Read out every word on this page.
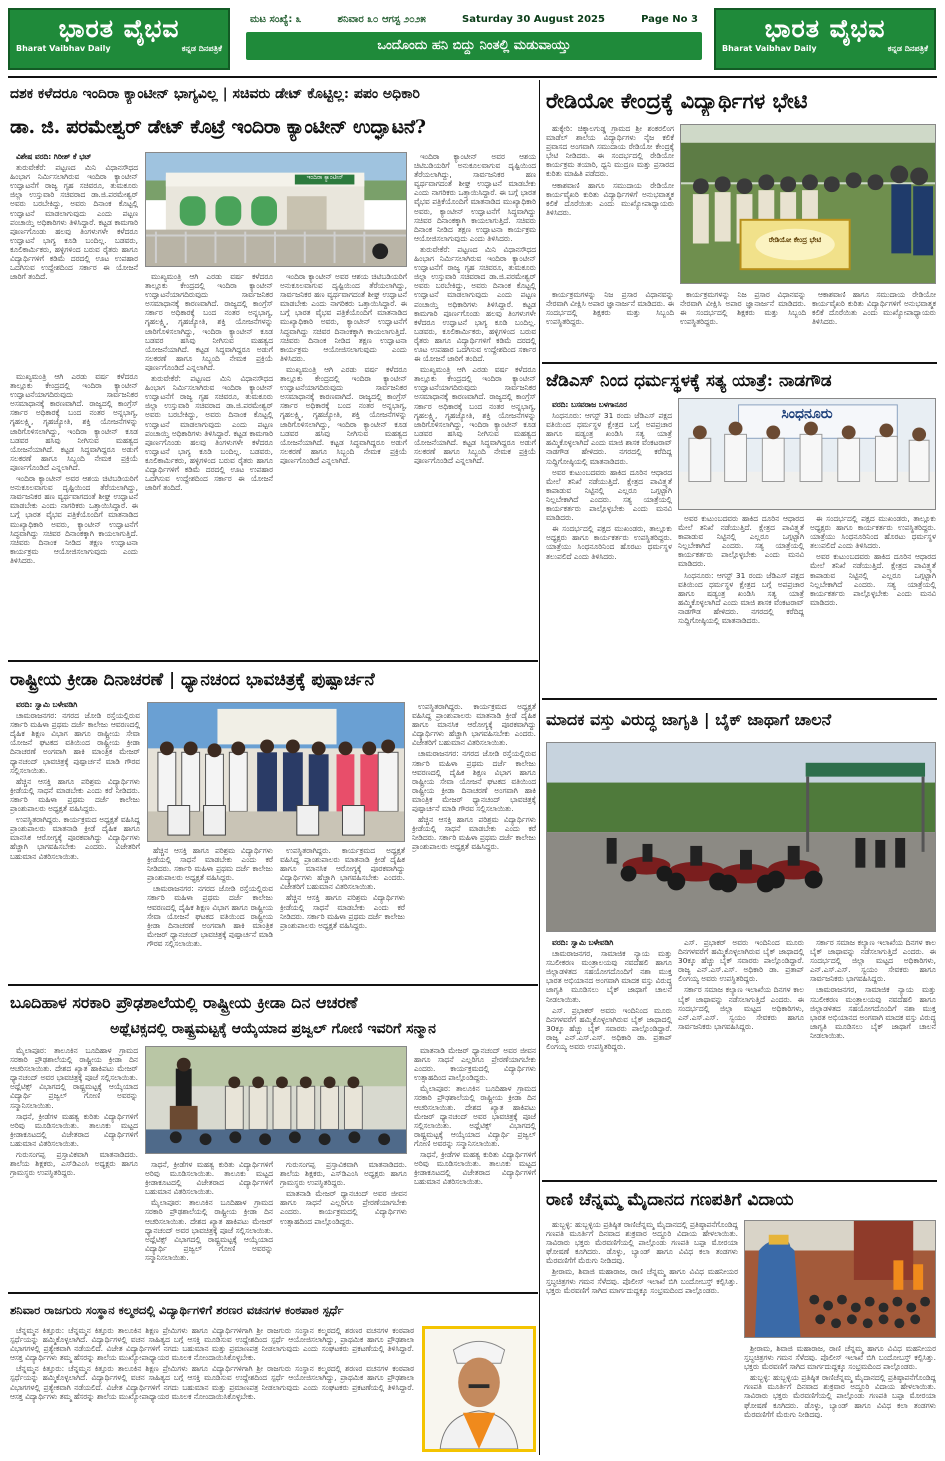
ಭಾರತ ವೈಭವ
Bharat Vaibhav Daily	ಕನ್ನಡ ದಿನಪತ್ರಿಕೆ
ಮಟ ಸಂಖ್ಯೆ: ೩	ಶನಿವಾರ ೩೦ ಆಗಸ್ಟ ೨೦೨೫	Saturday 30 August 2025	Page No 3
ಒಂದೊಂದು ಹನಿ ಬಿದ್ದು ನಿಂತಲ್ಲಿ ಮಡುವಾಯ್ತು
ಭಾರತ ವೈಭವ
Bharat Vaibhav Daily	ಕನ್ನಡ ದಿನಪತ್ರಿಕೆ
ದಶಕ ಕಳೆದರೂ ಇಂದಿರಾ ಕ್ಯಾಂಟೀನ್ ಭಾಗ್ಯವಿಲ್ಲ | ಸಚಿವರು ಡೇಟ್ ಕೊಟ್ಟಿಲ್ಲ: ಪಪಂ ಅಧಿಕಾರಿ
ಡಾ. ಜಿ. ಪರಮೇಶ್ವರ್ ಡೇಟ್ ಕೊಟ್ರೆ ಇಂದಿರಾ ಕ್ಯಾಂಟೀನ್ ಉದ್ಘಾಟನೆ?

ವಿಶೇಷ ವರದಿ: ಗಿರೀಶ್ ಕೆ ಭಟ್

ತುರುವೇಕೆರೆ: ಪಟ್ಟಣದ ಮಿನಿ ವಿಧಾನಸೌಧದ ಹಿಂಭಾಗ ನಿರ್ಮಿಸಲಾಗಿರುವ ಇಂದಿರಾ ಕ್ಯಾಂಟೀನ್ ಉದ್ಘಾಟನೆಗೆ ರಾಜ್ಯ ಗೃಹ ಸಚಿವರೂ, ತುಮಕೂರು ಜಿಲ್ಲಾ ಉಸ್ತುವಾರಿ ಸಚಿವರಾದ ಡಾ.ಜಿ.ಪರಮೇಶ್ವರ್ ಅವರು ಬರಬೇಕಿದ್ದು, ಅವರು ದಿನಾಂಕ ಕೊಟ್ಟಲ್ಲಿ ಉದ್ಘಾಟನೆ ಮಾಡಲಾಗುವುದು ಎಂದು ಪಟ್ಟಣ ಪಂಚಾಯ್ತಿ ಅಧಿಕಾರಿಗಳು ತಿಳಿಸಿದ್ದಾರೆ. ಕಟ್ಟಡ ಕಾಮಗಾರಿ ಪೂರ್ಣಗೊಂಡು ಹಲವು ತಿಂಗಳುಗಳೇ ಕಳೆದರೂ ಉದ್ಘಾಟನೆ ಭಾಗ್ಯ ಕೂಡಿ ಬಂದಿಲ್ಲ. ಬಡವರು, ಕೂಲಿಕಾರ್ಮಿಕರು, ಹಳ್ಳಿಗಳಿಂದ ಬರುವ ರೈತರು ಹಾಗೂ ವಿದ್ಯಾರ್ಥಿಗಳಿಗೆ ಕಡಿಮೆ ದರದಲ್ಲಿ ಊಟ ಉಪಹಾರ ಒದಗಿಸುವ ಉದ್ದೇಶದಿಂದ ಸರ್ಕಾರ ಈ ಯೋಜನೆ ಜಾರಿಗೆ ತಂದಿದೆ.

ಇಂದಿರಾ ಕ್ಯಾಂಟೀನ್

ಮುಖ್ಯಮಂತ್ರಿ ಆಗಿ ಎರಡು ವರ್ಷ ಕಳೆದರೂ ತಾಲ್ಲೂಕು ಕೇಂದ್ರದಲ್ಲಿ ಇಂದಿರಾ ಕ್ಯಾಂಟೀನ್ ಉದ್ಘಾಟನೆಯಾಗದಿರುವುದು ಸಾರ್ವಜನಿಕರ ಅಸಮಾಧಾನಕ್ಕೆ ಕಾರಣವಾಗಿದೆ. ರಾಜ್ಯದಲ್ಲಿ ಕಾಂಗ್ರೆಸ್ ಸರ್ಕಾರ ಅಧಿಕಾರಕ್ಕೆ ಬಂದ ನಂತರ ಅನ್ನಭಾಗ್ಯ, ಗೃಹಲಕ್ಷ್ಮಿ, ಗೃಹಜ್ಯೋತಿ, ಶಕ್ತಿ ಯೋಜನೆಗಳನ್ನು ಜಾರಿಗೊಳಿಸಲಾಗಿದ್ದು, ಇಂದಿರಾ ಕ್ಯಾಂಟೀನ್ ಕೂಡ ಬಡವರ ಹಸಿವು ನೀಗಿಸುವ ಮಹತ್ವದ ಯೋಜನೆಯಾಗಿದೆ. ಕಟ್ಟಡ ಸಿದ್ಧವಾಗಿದ್ದರೂ ಅಡುಗೆ ಸಲಕರಣೆ ಹಾಗೂ ಸಿಬ್ಬಂದಿ ನೇಮಕ ಪ್ರಕ್ರಿಯೆ ಪೂರ್ಣಗೊಂಡಿದೆ ಎನ್ನಲಾಗಿದೆ.

ತುರುವೇಕೆರೆ: ಪಟ್ಟಣದ ಮಿನಿ ವಿಧಾನಸೌಧದ ಹಿಂಭಾಗ ನಿರ್ಮಿಸಲಾಗಿರುವ ಇಂದಿರಾ ಕ್ಯಾಂಟೀನ್ ಉದ್ಘಾಟನೆಗೆ ರಾಜ್ಯ ಗೃಹ ಸಚಿವರೂ, ತುಮಕೂರು ಜಿಲ್ಲಾ ಉಸ್ತುವಾರಿ ಸಚಿವರಾದ ಡಾ.ಜಿ.ಪರಮೇಶ್ವರ್ ಅವರು ಬರಬೇಕಿದ್ದು, ಅವರು ದಿನಾಂಕ ಕೊಟ್ಟಲ್ಲಿ ಉದ್ಘಾಟನೆ ಮಾಡಲಾಗುವುದು ಎಂದು ಪಟ್ಟಣ ಪಂಚಾಯ್ತಿ ಅಧಿಕಾರಿಗಳು ತಿಳಿಸಿದ್ದಾರೆ. ಕಟ್ಟಡ ಕಾಮಗಾರಿ ಪೂರ್ಣಗೊಂಡು ಹಲವು ತಿಂಗಳುಗಳೇ ಕಳೆದರೂ ಉದ್ಘಾಟನೆ ಭಾಗ್ಯ ಕೂಡಿ ಬಂದಿಲ್ಲ. ಬಡವರು, ಕೂಲಿಕಾರ್ಮಿಕರು, ಹಳ್ಳಿಗಳಿಂದ ಬರುವ ರೈತರು ಹಾಗೂ ವಿದ್ಯಾರ್ಥಿಗಳಿಗೆ ಕಡಿಮೆ ದರದಲ್ಲಿ ಊಟ ಉಪಹಾರ ಒದಗಿಸುವ ಉದ್ದೇಶದಿಂದ ಸರ್ಕಾರ ಈ ಯೋಜನೆ ಜಾರಿಗೆ ತಂದಿದೆ.

ಇಂದಿರಾ ಕ್ಯಾಂಟೀನ್ ಅವರ ಆಶಯ ಚಿಟಿಬಡಿಯರಿಗೆ ಅನುಕೂಲವಾಗುವ ದೃಷ್ಟಿಯಿಂದ ತೆರೆಯಲಾಗಿದ್ದು, ಸಾರ್ವಜನಿಕರ ಹಣ ವ್ಯರ್ಥವಾಗದಂತೆ ಶೀಘ್ರ ಉದ್ಘಾಟನೆ ಮಾಡಬೇಕು ಎಂದು ನಾಗರಿಕರು ಒತ್ತಾಯಿಸಿದ್ದಾರೆ. ಈ ಬಗ್ಗೆ ಭಾರತ ವೈಭವ ಪತ್ರಿಕೆಯೊಂದಿಗೆ ಮಾತನಾಡಿದ ಮುಖ್ಯಾಧಿಕಾರಿ ಅವರು, ಕ್ಯಾಂಟೀನ್ ಉದ್ಘಾಟನೆಗೆ ಸಿದ್ಧವಾಗಿದ್ದು ಸಚಿವರ ದಿನಾಂಕಕ್ಕಾಗಿ ಕಾಯಲಾಗುತ್ತಿದೆ. ಸಚಿವರು ದಿನಾಂಕ ನೀಡಿದ ತಕ್ಷಣ ಉದ್ಘಾಟನಾ ಕಾರ್ಯಕ್ರಮ ಆಯೋಜಿಸಲಾಗುವುದು ಎಂದು ತಿಳಿಸಿದರು.

ಮುಖ್ಯಮಂತ್ರಿ ಆಗಿ ಎರಡು ವರ್ಷ ಕಳೆದರೂ ತಾಲ್ಲೂಕು ಕೇಂದ್ರದಲ್ಲಿ ಇಂದಿರಾ ಕ್ಯಾಂಟೀನ್ ಉದ್ಘಾಟನೆಯಾಗದಿರುವುದು ಸಾರ್ವಜನಿಕರ ಅಸಮಾಧಾನಕ್ಕೆ ಕಾರಣವಾಗಿದೆ. ರಾಜ್ಯದಲ್ಲಿ ಕಾಂಗ್ರೆಸ್ ಸರ್ಕಾರ ಅಧಿಕಾರಕ್ಕೆ ಬಂದ ನಂತರ ಅನ್ನಭಾಗ್ಯ, ಗೃಹಲಕ್ಷ್ಮಿ, ಗೃಹಜ್ಯೋತಿ, ಶಕ್ತಿ ಯೋಜನೆಗಳನ್ನು ಜಾರಿಗೊಳಿಸಲಾಗಿದ್ದು, ಇಂದಿರಾ ಕ್ಯಾಂಟೀನ್ ಕೂಡ ಬಡವರ ಹಸಿವು ನೀಗಿಸುವ ಮಹತ್ವದ ಯೋಜನೆಯಾಗಿದೆ. ಕಟ್ಟಡ ಸಿದ್ಧವಾಗಿದ್ದರೂ ಅಡುಗೆ ಸಲಕರಣೆ ಹಾಗೂ ಸಿಬ್ಬಂದಿ ನೇಮಕ ಪ್ರಕ್ರಿಯೆ ಪೂರ್ಣಗೊಂಡಿದೆ ಎನ್ನಲಾಗಿದೆ.

ಇಂದಿರಾ ಕ್ಯಾಂಟೀನ್ ಅವರ ಆಶಯ ಚಿಟಿಬಡಿಯರಿಗೆ ಅನುಕೂಲವಾಗುವ ದೃಷ್ಟಿಯಿಂದ ತೆರೆಯಲಾಗಿದ್ದು, ಸಾರ್ವಜನಿಕರ ಹಣ ವ್ಯರ್ಥವಾಗದಂತೆ ಶೀಘ್ರ ಉದ್ಘಾಟನೆ ಮಾಡಬೇಕು ಎಂದು ನಾಗರಿಕರು ಒತ್ತಾಯಿಸಿದ್ದಾರೆ. ಈ ಬಗ್ಗೆ ಭಾರತ ವೈಭವ ಪತ್ರಿಕೆಯೊಂದಿಗೆ ಮಾತನಾಡಿದ ಮುಖ್ಯಾಧಿಕಾರಿ ಅವರು, ಕ್ಯಾಂಟೀನ್ ಉದ್ಘಾಟನೆಗೆ ಸಿದ್ಧವಾಗಿದ್ದು ಸಚಿವರ ದಿನಾಂಕಕ್ಕಾಗಿ ಕಾಯಲಾಗುತ್ತಿದೆ. ಸಚಿವರು ದಿನಾಂಕ ನೀಡಿದ ತಕ್ಷಣ ಉದ್ಘಾಟನಾ ಕಾರ್ಯಕ್ರಮ ಆಯೋಜಿಸಲಾಗುವುದು ಎಂದು ತಿಳಿಸಿದರು.

ತುರುವೇಕೆರೆ: ಪಟ್ಟಣದ ಮಿನಿ ವಿಧಾನಸೌಧದ ಹಿಂಭಾಗ ನಿರ್ಮಿಸಲಾಗಿರುವ ಇಂದಿರಾ ಕ್ಯಾಂಟೀನ್ ಉದ್ಘಾಟನೆಗೆ ರಾಜ್ಯ ಗೃಹ ಸಚಿವರೂ, ತುಮಕೂರು ಜಿಲ್ಲಾ ಉಸ್ತುವಾರಿ ಸಚಿವರಾದ ಡಾ.ಜಿ.ಪರಮೇಶ್ವರ್ ಅವರು ಬರಬೇಕಿದ್ದು, ಅವರು ದಿನಾಂಕ ಕೊಟ್ಟಲ್ಲಿ ಉದ್ಘಾಟನೆ ಮಾಡಲಾಗುವುದು ಎಂದು ಪಟ್ಟಣ ಪಂಚಾಯ್ತಿ ಅಧಿಕಾರಿಗಳು ತಿಳಿಸಿದ್ದಾರೆ. ಕಟ್ಟಡ ಕಾಮಗಾರಿ ಪೂರ್ಣಗೊಂಡು ಹಲವು ತಿಂಗಳುಗಳೇ ಕಳೆದರೂ ಉದ್ಘಾಟನೆ ಭಾಗ್ಯ ಕೂಡಿ ಬಂದಿಲ್ಲ. ಬಡವರು, ಕೂಲಿಕಾರ್ಮಿಕರು, ಹಳ್ಳಿಗಳಿಂದ ಬರುವ ರೈತರು ಹಾಗೂ ವಿದ್ಯಾರ್ಥಿಗಳಿಗೆ ಕಡಿಮೆ ದರದಲ್ಲಿ ಊಟ ಉಪಹಾರ ಒದಗಿಸುವ ಉದ್ದೇಶದಿಂದ ಸರ್ಕಾರ ಈ ಯೋಜನೆ ಜಾರಿಗೆ ತಂದಿದೆ.

ಮುಖ್ಯಮಂತ್ರಿ ಆಗಿ ಎರಡು ವರ್ಷ ಕಳೆದರೂ ತಾಲ್ಲೂಕು ಕೇಂದ್ರದಲ್ಲಿ ಇಂದಿರಾ ಕ್ಯಾಂಟೀನ್ ಉದ್ಘಾಟನೆಯಾಗದಿರುವುದು ಸಾರ್ವಜನಿಕರ ಅಸಮಾಧಾನಕ್ಕೆ ಕಾರಣವಾಗಿದೆ. ರಾಜ್ಯದಲ್ಲಿ ಕಾಂಗ್ರೆಸ್ ಸರ್ಕಾರ ಅಧಿಕಾರಕ್ಕೆ ಬಂದ ನಂತರ ಅನ್ನಭಾಗ್ಯ, ಗೃಹಲಕ್ಷ್ಮಿ, ಗೃಹಜ್ಯೋತಿ, ಶಕ್ತಿ ಯೋಜನೆಗಳನ್ನು ಜಾರಿಗೊಳಿಸಲಾಗಿದ್ದು, ಇಂದಿರಾ ಕ್ಯಾಂಟೀನ್ ಕೂಡ ಬಡವರ ಹಸಿವು ನೀಗಿಸುವ ಮಹತ್ವದ ಯೋಜನೆಯಾಗಿದೆ. ಕಟ್ಟಡ ಸಿದ್ಧವಾಗಿದ್ದರೂ ಅಡುಗೆ ಸಲಕರಣೆ ಹಾಗೂ ಸಿಬ್ಬಂದಿ ನೇಮಕ ಪ್ರಕ್ರಿಯೆ ಪೂರ್ಣಗೊಂಡಿದೆ ಎನ್ನಲಾಗಿದೆ.

ಮುಖ್ಯಮಂತ್ರಿ ಆಗಿ ಎರಡು ವರ್ಷ ಕಳೆದರೂ ತಾಲ್ಲೂಕು ಕೇಂದ್ರದಲ್ಲಿ ಇಂದಿರಾ ಕ್ಯಾಂಟೀನ್ ಉದ್ಘಾಟನೆಯಾಗದಿರುವುದು ಸಾರ್ವಜನಿಕರ ಅಸಮಾಧಾನಕ್ಕೆ ಕಾರಣವಾಗಿದೆ. ರಾಜ್ಯದಲ್ಲಿ ಕಾಂಗ್ರೆಸ್ ಸರ್ಕಾರ ಅಧಿಕಾರಕ್ಕೆ ಬಂದ ನಂತರ ಅನ್ನಭಾಗ್ಯ, ಗೃಹಲಕ್ಷ್ಮಿ, ಗೃಹಜ್ಯೋತಿ, ಶಕ್ತಿ ಯೋಜನೆಗಳನ್ನು ಜಾರಿಗೊಳಿಸಲಾಗಿದ್ದು, ಇಂದಿರಾ ಕ್ಯಾಂಟೀನ್ ಕೂಡ ಬಡವರ ಹಸಿವು ನೀಗಿಸುವ ಮಹತ್ವದ ಯೋಜನೆಯಾಗಿದೆ. ಕಟ್ಟಡ ಸಿದ್ಧವಾಗಿದ್ದರೂ ಅಡುಗೆ ಸಲಕರಣೆ ಹಾಗೂ ಸಿಬ್ಬಂದಿ ನೇಮಕ ಪ್ರಕ್ರಿಯೆ ಪೂರ್ಣಗೊಂಡಿದೆ ಎನ್ನಲಾಗಿದೆ.

ಇಂದಿರಾ ಕ್ಯಾಂಟೀನ್ ಅವರ ಆಶಯ ಚಿಟಿಬಡಿಯರಿಗೆ ಅನುಕೂಲವಾಗುವ ದೃಷ್ಟಿಯಿಂದ ತೆರೆಯಲಾಗಿದ್ದು, ಸಾರ್ವಜನಿಕರ ಹಣ ವ್ಯರ್ಥವಾಗದಂತೆ ಶೀಘ್ರ ಉದ್ಘಾಟನೆ ಮಾಡಬೇಕು ಎಂದು ನಾಗರಿಕರು ಒತ್ತಾಯಿಸಿದ್ದಾರೆ. ಈ ಬಗ್ಗೆ ಭಾರತ ವೈಭವ ಪತ್ರಿಕೆಯೊಂದಿಗೆ ಮಾತನಾಡಿದ ಮುಖ್ಯಾಧಿಕಾರಿ ಅವರು, ಕ್ಯಾಂಟೀನ್ ಉದ್ಘಾಟನೆಗೆ ಸಿದ್ಧವಾಗಿದ್ದು ಸಚಿವರ ದಿನಾಂಕಕ್ಕಾಗಿ ಕಾಯಲಾಗುತ್ತಿದೆ. ಸಚಿವರು ದಿನಾಂಕ ನೀಡಿದ ತಕ್ಷಣ ಉದ್ಘಾಟನಾ ಕಾರ್ಯಕ್ರಮ ಆಯೋಜಿಸಲಾಗುವುದು ಎಂದು ತಿಳಿಸಿದರು.

ರೇಡಿಯೋ ಕೇಂದ್ರಕ್ಕೆ ವಿದ್ಯಾರ್ಥಿಗಳ ಭೇಟಿ

ಹುಕ್ಕೇರಿ: ಚಿಕ್ಕಾಲಗುಡ್ಡ ಗ್ರಾಮದ ಶ್ರೀ ಶಂಕರಲಿಂಗ ಮಾಡೆಲ್ ಶಾಲೆಯ ವಿದ್ಯಾರ್ಥಿಗಳು ನೈಜ ಕಲಿಕೆ ಪ್ರವಾಸದ ಅಂಗವಾಗಿ ಸಮುದಾಯ ರೇಡಿಯೋ ಕೇಂದ್ರಕ್ಕೆ ಭೇಟಿ ನೀಡಿದರು. ಈ ಸಂದರ್ಭದಲ್ಲಿ ರೇಡಿಯೋ ಕಾರ್ಯಕ್ರಮ ತಯಾರಿ, ಧ್ವನಿ ಮುದ್ರಣ ಮತ್ತು ಪ್ರಸಾರದ ಕುರಿತು ಮಾಹಿತಿ ಪಡೆದರು.

ಆಕಾಶವಾಣಿ ಹಾಗೂ ಸಮುದಾಯ ರೇಡಿಯೋ ಕಾರ್ಯವೈಖರಿ ಕುರಿತು ವಿದ್ಯಾರ್ಥಿಗಳಿಗೆ ಅನುಭವಾತ್ಮಕ ಕಲಿಕೆ ದೊರೆಯಿತು ಎಂದು ಮುಖ್ಯೋಪಾಧ್ಯಾಯರು ತಿಳಿಸಿದರು.

ರೇಡಿಯೋ ಕೇಂದ್ರ ಭೇಟಿ

ಕಾರ್ಯಕ್ರಮಗಳನ್ನು ನಿಜ ಪ್ರಸಾರ ವಿಧಾನವನ್ನು ನೇರವಾಗಿ ವೀಕ್ಷಿಸಿ ಅಪಾರ ಜ್ಞಾನಾರ್ಜನೆ ಮಾಡಿದರು. ಈ ಸಂದರ್ಭದಲ್ಲಿ ಶಿಕ್ಷಕರು ಮತ್ತು ಸಿಬ್ಬಂದಿ ಉಪಸ್ಥಿತರಿದ್ದರು.

ಆಕಾಶವಾಣಿ ಹಾಗೂ ಸಮುದಾಯ ರೇಡಿಯೋ ಕಾರ್ಯವೈಖರಿ ಕುರಿತು ವಿದ್ಯಾರ್ಥಿಗಳಿಗೆ ಅನುಭವಾತ್ಮಕ ಕಲಿಕೆ ದೊರೆಯಿತು ಎಂದು ಮುಖ್ಯೋಪಾಧ್ಯಾಯರು ತಿಳಿಸಿದರು.

ಕಾರ್ಯಕ್ರಮಗಳನ್ನು ನಿಜ ಪ್ರಸಾರ ವಿಧಾನವನ್ನು ನೇರವಾಗಿ ವೀಕ್ಷಿಸಿ ಅಪಾರ ಜ್ಞಾನಾರ್ಜನೆ ಮಾಡಿದರು. ಈ ಸಂದರ್ಭದಲ್ಲಿ ಶಿಕ್ಷಕರು ಮತ್ತು ಸಿಬ್ಬಂದಿ ಉಪಸ್ಥಿತರಿದ್ದರು.

ಜೆಡಿಎಸ್ ನಿಂದ ಧರ್ಮಸ್ಥಳಕ್ಕೆ ಸತ್ಯ ಯಾತ್ರೆ: ನಾಡಗೌಡ

ವರದಿ: ಬಸವರಾಜ ಬಳಗಾನೂರ

ಸಿಂಧನೂರು: ಆಗಸ್ಟ್ 31 ರಂದು ಜೆಡಿಎಸ್ ಪಕ್ಷದ ವತಿಯಿಂದ ಧರ್ಮಸ್ಥಳ ಕ್ಷೇತ್ರದ ಬಗ್ಗೆ ಅಪಪ್ರಚಾರ ಹಾಗೂ ಷಡ್ಯಂತ್ರ ಖಂಡಿಸಿ ಸತ್ಯ ಯಾತ್ರೆ ಹಮ್ಮಿಕೊಳ್ಳಲಾಗಿದೆ ಎಂದು ಮಾಜಿ ಶಾಸಕ ವೆಂಕಟರಾವ್ ನಾಡಗೌಡ ಹೇಳಿದರು. ನಗರದಲ್ಲಿ ಕರೆದಿದ್ದ ಸುದ್ದಿಗೋಷ್ಠಿಯಲ್ಲಿ ಮಾತನಾಡಿದರು.

ಅವರ ಕುಟುಂಬದವರು ಹಾಕಿದ ದೂರಿನ ಆಧಾರದ ಮೇಲೆ ತನಿಖೆ ನಡೆಯುತ್ತಿದೆ. ಕ್ಷೇತ್ರದ ಪಾವಿತ್ರ್ಯತೆ ಕಾಪಾಡುವ ನಿಟ್ಟಿನಲ್ಲಿ ಎಲ್ಲರೂ ಒಗ್ಗಟ್ಟಾಗಿ ನಿಲ್ಲಬೇಕಾಗಿದೆ ಎಂದರು. ಸತ್ಯ ಯಾತ್ರೆಯಲ್ಲಿ ಕಾರ್ಯಕರ್ತರು ಪಾಲ್ಗೊಳ್ಳಬೇಕು ಎಂದು ಮನವಿ ಮಾಡಿದರು.

ಈ ಸಂದರ್ಭದಲ್ಲಿ ಪಕ್ಷದ ಮುಖಂಡರು, ತಾಲ್ಲೂಕು ಅಧ್ಯಕ್ಷರು ಹಾಗೂ ಕಾರ್ಯಕರ್ತರು ಉಪಸ್ಥಿತರಿದ್ದರು. ಯಾತ್ರೆಯು ಸಿಂಧನೂರಿನಿಂದ ಹೊರಟು ಧರ್ಮಸ್ಥಳ ತಲುಪಲಿದೆ ಎಂದು ತಿಳಿಸಿದರು.

ಸಿಂಧನೂರು

ಅವರ ಕುಟುಂಬದವರು ಹಾಕಿದ ದೂರಿನ ಆಧಾರದ ಮೇಲೆ ತನಿಖೆ ನಡೆಯುತ್ತಿದೆ. ಕ್ಷೇತ್ರದ ಪಾವಿತ್ರ್ಯತೆ ಕಾಪಾಡುವ ನಿಟ್ಟಿನಲ್ಲಿ ಎಲ್ಲರೂ ಒಗ್ಗಟ್ಟಾಗಿ ನಿಲ್ಲಬೇಕಾಗಿದೆ ಎಂದರು. ಸತ್ಯ ಯಾತ್ರೆಯಲ್ಲಿ ಕಾರ್ಯಕರ್ತರು ಪಾಲ್ಗೊಳ್ಳಬೇಕು ಎಂದು ಮನವಿ ಮಾಡಿದರು.

ಸಿಂಧನೂರು: ಆಗಸ್ಟ್ 31 ರಂದು ಜೆಡಿಎಸ್ ಪಕ್ಷದ ವತಿಯಿಂದ ಧರ್ಮಸ್ಥಳ ಕ್ಷೇತ್ರದ ಬಗ್ಗೆ ಅಪಪ್ರಚಾರ ಹಾಗೂ ಷಡ್ಯಂತ್ರ ಖಂಡಿಸಿ ಸತ್ಯ ಯಾತ್ರೆ ಹಮ್ಮಿಕೊಳ್ಳಲಾಗಿದೆ ಎಂದು ಮಾಜಿ ಶಾಸಕ ವೆಂಕಟರಾವ್ ನಾಡಗೌಡ ಹೇಳಿದರು. ನಗರದಲ್ಲಿ ಕರೆದಿದ್ದ ಸುದ್ದಿಗೋಷ್ಠಿಯಲ್ಲಿ ಮಾತನಾಡಿದರು.

ಈ ಸಂದರ್ಭದಲ್ಲಿ ಪಕ್ಷದ ಮುಖಂಡರು, ತಾಲ್ಲೂಕು ಅಧ್ಯಕ್ಷರು ಹಾಗೂ ಕಾರ್ಯಕರ್ತರು ಉಪಸ್ಥಿತರಿದ್ದರು. ಯಾತ್ರೆಯು ಸಿಂಧನೂರಿನಿಂದ ಹೊರಟು ಧರ್ಮಸ್ಥಳ ತಲುಪಲಿದೆ ಎಂದು ತಿಳಿಸಿದರು.

ಅವರ ಕುಟುಂಬದವರು ಹಾಕಿದ ದೂರಿನ ಆಧಾರದ ಮೇಲೆ ತನಿಖೆ ನಡೆಯುತ್ತಿದೆ. ಕ್ಷೇತ್ರದ ಪಾವಿತ್ರ್ಯತೆ ಕಾಪಾಡುವ ನಿಟ್ಟಿನಲ್ಲಿ ಎಲ್ಲರೂ ಒಗ್ಗಟ್ಟಾಗಿ ನಿಲ್ಲಬೇಕಾಗಿದೆ ಎಂದರು. ಸತ್ಯ ಯಾತ್ರೆಯಲ್ಲಿ ಕಾರ್ಯಕರ್ತರು ಪಾಲ್ಗೊಳ್ಳಬೇಕು ಎಂದು ಮನವಿ ಮಾಡಿದರು.

ರಾಷ್ಟ್ರೀಯ ಕ್ರೀಡಾ ದಿನಾಚರಣೆ | ಧ್ಯಾನಚಂದ ಭಾವಚಿತ್ರಕ್ಕೆ ಪುಷ್ಪಾರ್ಚನೆ

ವರದಿ: ಸ್ವಾಮಿ ಬಳೇವಡಿಗಿ

ಚಾಮರಾಜನಗರ: ನಗರದ ಜೋಡಿ ರಸ್ತೆಯಲ್ಲಿರುವ ಸರ್ಕಾರಿ ಮಹಿಳಾ ಪ್ರಥಮ ದರ್ಜೆ ಕಾಲೇಜು ಆವರಣದಲ್ಲಿ ದೈಹಿಕ ಶಿಕ್ಷಣ ವಿಭಾಗ ಹಾಗೂ ರಾಷ್ಟ್ರೀಯ ಸೇವಾ ಯೋಜನೆ ಘಟಕದ ವತಿಯಿಂದ ರಾಷ್ಟ್ರೀಯ ಕ್ರೀಡಾ ದಿನಾಚರಣೆ ಅಂಗವಾಗಿ ಹಾಕಿ ಮಾಂತ್ರಿಕ ಮೇಜರ್ ಧ್ಯಾನಚಂದ್ ಭಾವಚಿತ್ರಕ್ಕೆ ಪುಷ್ಪಾರ್ಚನೆ ಮಾಡಿ ಗೌರವ ಸಲ್ಲಿಸಲಾಯಿತು.

ಹೆಚ್ಚಿನ ಆಸಕ್ತಿ ಹಾಗೂ ಪರಿಶ್ರಮ ವಿದ್ಯಾರ್ಥಿಗಳು ಕ್ರೀಡೆಯಲ್ಲಿ ಸಾಧನೆ ಮಾಡಬೇಕು ಎಂದು ಕರೆ ನೀಡಿದರು. ಸರ್ಕಾರಿ ಮಹಿಳಾ ಪ್ರಥಮ ದರ್ಜೆ ಕಾಲೇಜು ಪ್ರಾಂಶುಪಾಲರು ಅಧ್ಯಕ್ಷತೆ ವಹಿಸಿದ್ದರು.

ಉಪಸ್ಥಿತರಾಗಿದ್ದರು. ಕಾರ್ಯಕ್ರಮದ ಅಧ್ಯಕ್ಷತೆ ವಹಿಸಿದ್ದ ಪ್ರಾಂಶುಪಾಲರು ಮಾತನಾಡಿ ಕ್ರೀಡೆ ದೈಹಿಕ ಹಾಗೂ ಮಾನಸಿಕ ಆರೋಗ್ಯಕ್ಕೆ ಪೂರಕವಾಗಿದ್ದು ವಿದ್ಯಾರ್ಥಿಗಳು ಹೆಚ್ಚಾಗಿ ಭಾಗವಹಿಸಬೇಕು ಎಂದರು. ವಿಜೇತರಿಗೆ ಬಹುಮಾನ ವಿತರಿಸಲಾಯಿತು.

ಹೆಚ್ಚಿನ ಆಸಕ್ತಿ ಹಾಗೂ ಪರಿಶ್ರಮ ವಿದ್ಯಾರ್ಥಿಗಳು ಕ್ರೀಡೆಯಲ್ಲಿ ಸಾಧನೆ ಮಾಡಬೇಕು ಎಂದು ಕರೆ ನೀಡಿದರು. ಸರ್ಕಾರಿ ಮಹಿಳಾ ಪ್ರಥಮ ದರ್ಜೆ ಕಾಲೇಜು ಪ್ರಾಂಶುಪಾಲರು ಅಧ್ಯಕ್ಷತೆ ವಹಿಸಿದ್ದರು.

ಚಾಮರಾಜನಗರ: ನಗರದ ಜೋಡಿ ರಸ್ತೆಯಲ್ಲಿರುವ ಸರ್ಕಾರಿ ಮಹಿಳಾ ಪ್ರಥಮ ದರ್ಜೆ ಕಾಲೇಜು ಆವರಣದಲ್ಲಿ ದೈಹಿಕ ಶಿಕ್ಷಣ ವಿಭಾಗ ಹಾಗೂ ರಾಷ್ಟ್ರೀಯ ಸೇವಾ ಯೋಜನೆ ಘಟಕದ ವತಿಯಿಂದ ರಾಷ್ಟ್ರೀಯ ಕ್ರೀಡಾ ದಿನಾಚರಣೆ ಅಂಗವಾಗಿ ಹಾಕಿ ಮಾಂತ್ರಿಕ ಮೇಜರ್ ಧ್ಯಾನಚಂದ್ ಭಾವಚಿತ್ರಕ್ಕೆ ಪುಷ್ಪಾರ್ಚನೆ ಮಾಡಿ ಗೌರವ ಸಲ್ಲಿಸಲಾಯಿತು.

ಉಪಸ್ಥಿತರಾಗಿದ್ದರು. ಕಾರ್ಯಕ್ರಮದ ಅಧ್ಯಕ್ಷತೆ ವಹಿಸಿದ್ದ ಪ್ರಾಂಶುಪಾಲರು ಮಾತನಾಡಿ ಕ್ರೀಡೆ ದೈಹಿಕ ಹಾಗೂ ಮಾನಸಿಕ ಆರೋಗ್ಯಕ್ಕೆ ಪೂರಕವಾಗಿದ್ದು ವಿದ್ಯಾರ್ಥಿಗಳು ಹೆಚ್ಚಾಗಿ ಭಾಗವಹಿಸಬೇಕು ಎಂದರು. ವಿಜೇತರಿಗೆ ಬಹುಮಾನ ವಿತರಿಸಲಾಯಿತು.

ಹೆಚ್ಚಿನ ಆಸಕ್ತಿ ಹಾಗೂ ಪರಿಶ್ರಮ ವಿದ್ಯಾರ್ಥಿಗಳು ಕ್ರೀಡೆಯಲ್ಲಿ ಸಾಧನೆ ಮಾಡಬೇಕು ಎಂದು ಕರೆ ನೀಡಿದರು. ಸರ್ಕಾರಿ ಮಹಿಳಾ ಪ್ರಥಮ ದರ್ಜೆ ಕಾಲೇಜು ಪ್ರಾಂಶುಪಾಲರು ಅಧ್ಯಕ್ಷತೆ ವಹಿಸಿದ್ದರು.

ಉಪಸ್ಥಿತರಾಗಿದ್ದರು. ಕಾರ್ಯಕ್ರಮದ ಅಧ್ಯಕ್ಷತೆ ವಹಿಸಿದ್ದ ಪ್ರಾಂಶುಪಾಲರು ಮಾತನಾಡಿ ಕ್ರೀಡೆ ದೈಹಿಕ ಹಾಗೂ ಮಾನಸಿಕ ಆರೋಗ್ಯಕ್ಕೆ ಪೂರಕವಾಗಿದ್ದು ವಿದ್ಯಾರ್ಥಿಗಳು ಹೆಚ್ಚಾಗಿ ಭಾಗವಹಿಸಬೇಕು ಎಂದರು. ವಿಜೇತರಿಗೆ ಬಹುಮಾನ ವಿತರಿಸಲಾಯಿತು.

ಚಾಮರಾಜನಗರ: ನಗರದ ಜೋಡಿ ರಸ್ತೆಯಲ್ಲಿರುವ ಸರ್ಕಾರಿ ಮಹಿಳಾ ಪ್ರಥಮ ದರ್ಜೆ ಕಾಲೇಜು ಆವರಣದಲ್ಲಿ ದೈಹಿಕ ಶಿಕ್ಷಣ ವಿಭಾಗ ಹಾಗೂ ರಾಷ್ಟ್ರೀಯ ಸೇವಾ ಯೋಜನೆ ಘಟಕದ ವತಿಯಿಂದ ರಾಷ್ಟ್ರೀಯ ಕ್ರೀಡಾ ದಿನಾಚರಣೆ ಅಂಗವಾಗಿ ಹಾಕಿ ಮಾಂತ್ರಿಕ ಮೇಜರ್ ಧ್ಯಾನಚಂದ್ ಭಾವಚಿತ್ರಕ್ಕೆ ಪುಷ್ಪಾರ್ಚನೆ ಮಾಡಿ ಗೌರವ ಸಲ್ಲಿಸಲಾಯಿತು.

ಹೆಚ್ಚಿನ ಆಸಕ್ತಿ ಹಾಗೂ ಪರಿಶ್ರಮ ವಿದ್ಯಾರ್ಥಿಗಳು ಕ್ರೀಡೆಯಲ್ಲಿ ಸಾಧನೆ ಮಾಡಬೇಕು ಎಂದು ಕರೆ ನೀಡಿದರು. ಸರ್ಕಾರಿ ಮಹಿಳಾ ಪ್ರಥಮ ದರ್ಜೆ ಕಾಲೇಜು ಪ್ರಾಂಶುಪಾಲರು ಅಧ್ಯಕ್ಷತೆ ವಹಿಸಿದ್ದರು.

ಮಾದಕ ವಸ್ತು ವಿರುದ್ಧ ಜಾಗೃತಿ | ಬೈಕ್ ಜಾಥಾಗೆ ಚಾಲನೆ

ವರದಿ: ಸ್ವಾಮಿ ಬಳೇವಡಿಗಿ

ಚಾಮರಾಜನಗರ, ಸಾಮಾಜಿಕ ನ್ಯಾಯ ಮತ್ತು ಸಬಲೀಕರಣ ಮಂತ್ರಾಲಯವು ನವದೆಹಲಿ ಹಾಗೂ ಜಿಲ್ಲಾಡಳಿತದ ಸಹಯೋಗದೊಂದಿಗೆ ನಶಾ ಮುಕ್ತ ಭಾರತ ಅಭಿಯಾನದ ಅಂಗವಾಗಿ ಮಾದಕ ವಸ್ತು ವಿರುದ್ಧ ಜಾಗೃತಿ ಮೂಡಿಸಲು ಬೈಕ್ ಜಾಥಾಗೆ ಚಾಲನೆ ನೀಡಲಾಯಿತು.

ಎಸ್. ಪ್ರಭಾಕರ್ ಅವರು ಇಂದಿನಿಂದ ಮೂರು ದಿನಗಳವರೆಗೆ ಹಮ್ಮಿಕೊಳ್ಳಲಾಗಿರುವ ಬೈಕ್ ಜಾಥಾದಲ್ಲಿ 30ಕ್ಕೂ ಹೆಚ್ಚು ಬೈಕ್ ಸವಾರರು ಪಾಲ್ಗೊಂಡಿದ್ದಾರೆ. ರಾಜ್ಯ ಎನ್.ಎಸ್.ಎಸ್. ಅಧಿಕಾರಿ ಡಾ. ಪ್ರತಾಪ್ ಲಿಂಗಯ್ಯ ಅವರು ಉಪಸ್ಥಿತರಿದ್ದರು.

ಎಸ್. ಪ್ರಭಾಕರ್ ಅವರು ಇಂದಿನಿಂದ ಮೂರು ದಿನಗಳವರೆಗೆ ಹಮ್ಮಿಕೊಳ್ಳಲಾಗಿರುವ ಬೈಕ್ ಜಾಥಾದಲ್ಲಿ 30ಕ್ಕೂ ಹೆಚ್ಚು ಬೈಕ್ ಸವಾರರು ಪಾಲ್ಗೊಂಡಿದ್ದಾರೆ. ರಾಜ್ಯ ಎನ್.ಎಸ್.ಎಸ್. ಅಧಿಕಾರಿ ಡಾ. ಪ್ರತಾಪ್ ಲಿಂಗಯ್ಯ ಅವರು ಉಪಸ್ಥಿತರಿದ್ದರು.

ಸರ್ಕಾರ ಸಮಾಜ ಕಲ್ಯಾಣ ಇಲಾಖೆಯ ದಿನಗಳ ಕಾಲ ಬೈಕ್ ಜಾಥಾವನ್ನು ನಡೆಸಲಾಗುತ್ತಿದೆ ಎಂದರು. ಈ ಸಂದರ್ಭದಲ್ಲಿ ಜಿಲ್ಲಾ ಮಟ್ಟದ ಅಧಿಕಾರಿಗಳು, ಎನ್.ಎಸ್.ಎಸ್. ಸ್ವಯಂ ಸೇವಕರು ಹಾಗೂ ಸಾರ್ವಜನಿಕರು ಭಾಗವಹಿಸಿದ್ದರು.

ಸರ್ಕಾರ ಸಮಾಜ ಕಲ್ಯಾಣ ಇಲಾಖೆಯ ದಿನಗಳ ಕಾಲ ಬೈಕ್ ಜಾಥಾವನ್ನು ನಡೆಸಲಾಗುತ್ತಿದೆ ಎಂದರು. ಈ ಸಂದರ್ಭದಲ್ಲಿ ಜಿಲ್ಲಾ ಮಟ್ಟದ ಅಧಿಕಾರಿಗಳು, ಎನ್.ಎಸ್.ಎಸ್. ಸ್ವಯಂ ಸೇವಕರು ಹಾಗೂ ಸಾರ್ವಜನಿಕರು ಭಾಗವಹಿಸಿದ್ದರು.

ಚಾಮರಾಜನಗರ, ಸಾಮಾಜಿಕ ನ್ಯಾಯ ಮತ್ತು ಸಬಲೀಕರಣ ಮಂತ್ರಾಲಯವು ನವದೆಹಲಿ ಹಾಗೂ ಜಿಲ್ಲಾಡಳಿತದ ಸಹಯೋಗದೊಂದಿಗೆ ನಶಾ ಮುಕ್ತ ಭಾರತ ಅಭಿಯಾನದ ಅಂಗವಾಗಿ ಮಾದಕ ವಸ್ತು ವಿರುದ್ಧ ಜಾಗೃತಿ ಮೂಡಿಸಲು ಬೈಕ್ ಜಾಥಾಗೆ ಚಾಲನೆ ನೀಡಲಾಯಿತು.

ಬೂದಿಹಾಳ ಸರಕಾರಿ ಪ್ರೌಢಶಾಲೆಯಲ್ಲಿ ರಾಷ್ಟ್ರೀಯ ಕ್ರೀಡಾ ದಿನ ಆಚರಣೆ
ಅಥ್ಲೆಟಿಕ್ಸದಲ್ಲಿ ರಾಷ್ಟ್ರಮಟ್ಟಕ್ಕೆ ಆಯ್ಕೆಯಾದ ಪ್ರಜ್ವಲ್ ಗೋಣಿ ಇವರಿಗೆ ಸನ್ಮಾನ

ಮೈಲಾಪೂರ: ತಾಲೂಕಿನ ಬೂದಿಹಾಳ ಗ್ರಾಮದ ಸರಕಾರಿ ಪ್ರೌಢಶಾಲೆಯಲ್ಲಿ ರಾಷ್ಟ್ರೀಯ ಕ್ರೀಡಾ ದಿನ ಆಚರಿಸಲಾಯಿತು. ದೇಶದ ಖ್ಯಾತ ಹಾಕಿಪಟು ಮೇಜರ್ ಧ್ಯಾನಚಂದ್ ಅವರ ಭಾವಚಿತ್ರಕ್ಕೆ ಪೂಜೆ ಸಲ್ಲಿಸಲಾಯಿತು. ಅಥ್ಲೆಟಿಕ್ಸ್ ವಿಭಾಗದಲ್ಲಿ ರಾಷ್ಟ್ರಮಟ್ಟಕ್ಕೆ ಆಯ್ಕೆಯಾದ ವಿದ್ಯಾರ್ಥಿ ಪ್ರಜ್ವಲ್ ಗೋಣಿ ಅವರನ್ನು ಸನ್ಮಾನಿಸಲಾಯಿತು.

ಸಾಧನೆ, ಕ್ರೀಡೆಗಳ ಮಹತ್ವ ಕುರಿತು ವಿದ್ಯಾರ್ಥಿಗಳಿಗೆ ಅರಿವು ಮೂಡಿಸಲಾಯಿತು. ತಾಲೂಕು ಮಟ್ಟದ ಕ್ರೀಡಾಕೂಟದಲ್ಲಿ ವಿಜೇತರಾದ ವಿದ್ಯಾರ್ಥಿಗಳಿಗೆ ಬಹುಮಾನ ವಿತರಿಸಲಾಯಿತು.

ಗುರುಸಂಗಪ್ಪ ಪ್ರಸ್ತಾವಿಕವಾಗಿ ಮಾತನಾಡಿದರು. ಶಾಲೆಯ ಶಿಕ್ಷಕರು, ಎಸ್‌ಡಿಎಂಸಿ ಅಧ್ಯಕ್ಷರು ಹಾಗೂ ಗ್ರಾಮಸ್ಥರು ಉಪಸ್ಥಿತರಿದ್ದರು.

ಸಾಧನೆ, ಕ್ರೀಡೆಗಳ ಮಹತ್ವ ಕುರಿತು ವಿದ್ಯಾರ್ಥಿಗಳಿಗೆ ಅರಿವು ಮೂಡಿಸಲಾಯಿತು. ತಾಲೂಕು ಮಟ್ಟದ ಕ್ರೀಡಾಕೂಟದಲ್ಲಿ ವಿಜೇತರಾದ ವಿದ್ಯಾರ್ಥಿಗಳಿಗೆ ಬಹುಮಾನ ವಿತರಿಸಲಾಯಿತು.

ಮೈಲಾಪೂರ: ತಾಲೂಕಿನ ಬೂದಿಹಾಳ ಗ್ರಾಮದ ಸರಕಾರಿ ಪ್ರೌಢಶಾಲೆಯಲ್ಲಿ ರಾಷ್ಟ್ರೀಯ ಕ್ರೀಡಾ ದಿನ ಆಚರಿಸಲಾಯಿತು. ದೇಶದ ಖ್ಯಾತ ಹಾಕಿಪಟು ಮೇಜರ್ ಧ್ಯಾನಚಂದ್ ಅವರ ಭಾವಚಿತ್ರಕ್ಕೆ ಪೂಜೆ ಸಲ್ಲಿಸಲಾಯಿತು. ಅಥ್ಲೆಟಿಕ್ಸ್ ವಿಭಾಗದಲ್ಲಿ ರಾಷ್ಟ್ರಮಟ್ಟಕ್ಕೆ ಆಯ್ಕೆಯಾದ ವಿದ್ಯಾರ್ಥಿ ಪ್ರಜ್ವಲ್ ಗೋಣಿ ಅವರನ್ನು ಸನ್ಮಾನಿಸಲಾಯಿತು.

ಗುರುಸಂಗಪ್ಪ ಪ್ರಸ್ತಾವಿಕವಾಗಿ ಮಾತನಾಡಿದರು. ಶಾಲೆಯ ಶಿಕ್ಷಕರು, ಎಸ್‌ಡಿಎಂಸಿ ಅಧ್ಯಕ್ಷರು ಹಾಗೂ ಗ್ರಾಮಸ್ಥರು ಉಪಸ್ಥಿತರಿದ್ದರು.

ಮಾತನಾಡಿ ಮೇಜರ್ ಧ್ಯಾನಚಂದ್ ಅವರ ಜೀವನ ಹಾಗೂ ಸಾಧನೆ ಎಲ್ಲರಿಗೂ ಪ್ರೇರಣೆಯಾಗಬೇಕು ಎಂದರು. ಕಾರ್ಯಕ್ರಮದಲ್ಲಿ ವಿದ್ಯಾರ್ಥಿಗಳು ಉತ್ಸಾಹದಿಂದ ಪಾಲ್ಗೊಂಡಿದ್ದರು.

ಮಾತನಾಡಿ ಮೇಜರ್ ಧ್ಯಾನಚಂದ್ ಅವರ ಜೀವನ ಹಾಗೂ ಸಾಧನೆ ಎಲ್ಲರಿಗೂ ಪ್ರೇರಣೆಯಾಗಬೇಕು ಎಂದರು. ಕಾರ್ಯಕ್ರಮದಲ್ಲಿ ವಿದ್ಯಾರ್ಥಿಗಳು ಉತ್ಸಾಹದಿಂದ ಪಾಲ್ಗೊಂಡಿದ್ದರು.

ಮೈಲಾಪೂರ: ತಾಲೂಕಿನ ಬೂದಿಹಾಳ ಗ್ರಾಮದ ಸರಕಾರಿ ಪ್ರೌಢಶಾಲೆಯಲ್ಲಿ ರಾಷ್ಟ್ರೀಯ ಕ್ರೀಡಾ ದಿನ ಆಚರಿಸಲಾಯಿತು. ದೇಶದ ಖ್ಯಾತ ಹಾಕಿಪಟು ಮೇಜರ್ ಧ್ಯಾನಚಂದ್ ಅವರ ಭಾವಚಿತ್ರಕ್ಕೆ ಪೂಜೆ ಸಲ್ಲಿಸಲಾಯಿತು. ಅಥ್ಲೆಟಿಕ್ಸ್ ವಿಭಾಗದಲ್ಲಿ ರಾಷ್ಟ್ರಮಟ್ಟಕ್ಕೆ ಆಯ್ಕೆಯಾದ ವಿದ್ಯಾರ್ಥಿ ಪ್ರಜ್ವಲ್ ಗೋಣಿ ಅವರನ್ನು ಸನ್ಮಾನಿಸಲಾಯಿತು.

ಸಾಧನೆ, ಕ್ರೀಡೆಗಳ ಮಹತ್ವ ಕುರಿತು ವಿದ್ಯಾರ್ಥಿಗಳಿಗೆ ಅರಿವು ಮೂಡಿಸಲಾಯಿತು. ತಾಲೂಕು ಮಟ್ಟದ ಕ್ರೀಡಾಕೂಟದಲ್ಲಿ ವಿಜೇತರಾದ ವಿದ್ಯಾರ್ಥಿಗಳಿಗೆ ಬಹುಮಾನ ವಿತರಿಸಲಾಯಿತು.

ಶನಿವಾರ ರಾಜಗುರು ಸಂಸ್ಥಾನ ಕಲ್ಮಠದಲ್ಲಿ ವಿದ್ಯಾರ್ಥಿಗಳಿಗೆ ಶರಣರ ವಚನಗಳ ಕಂಠಪಾಠ ಸ್ಪರ್ಧೆ

ಚೆನ್ನಮ್ಮನ ಕಿತ್ತೂರು: ಚೆನ್ನಮ್ಮನ ಕಿತ್ತೂರು ತಾಲೂಕಿನ ಶಿಕ್ಷಣ ಪ್ರೇಮಿಗಳು ಹಾಗೂ ವಿದ್ಯಾರ್ಥಿಗಳಿಗಾಗಿ ಶ್ರೀ ರಾಜಗುರು ಸಂಸ್ಥಾನ ಕಲ್ಮಠದಲ್ಲಿ ಶರಣರ ವಚನಗಳ ಕಂಠಪಾಠ ಸ್ಪರ್ಧೆಯನ್ನು ಹಮ್ಮಿಕೊಳ್ಳಲಾಗಿದೆ. ವಿದ್ಯಾರ್ಥಿಗಳಲ್ಲಿ ವಚನ ಸಾಹಿತ್ಯದ ಬಗ್ಗೆ ಆಸಕ್ತಿ ಮೂಡಿಸುವ ಉದ್ದೇಶದಿಂದ ಸ್ಪರ್ಧೆ ಆಯೋಜಿಸಲಾಗಿದ್ದು, ಪ್ರಾಥಮಿಕ ಹಾಗೂ ಪ್ರೌಢಶಾಲಾ ವಿಭಾಗಗಳಲ್ಲಿ ಪ್ರತ್ಯೇಕವಾಗಿ ನಡೆಯಲಿದೆ. ವಿಜೇತ ವಿದ್ಯಾರ್ಥಿಗಳಿಗೆ ನಗದು ಬಹುಮಾನ ಮತ್ತು ಪ್ರಮಾಣಪತ್ರ ನೀಡಲಾಗುವುದು ಎಂದು ಸಂಘಟಕರು ಪ್ರಕಟಣೆಯಲ್ಲಿ ತಿಳಿಸಿದ್ದಾರೆ. ಆಸಕ್ತ ವಿದ್ಯಾರ್ಥಿಗಳು ತಮ್ಮ ಹೆಸರನ್ನು ಶಾಲೆಯ ಮುಖ್ಯೋಪಾಧ್ಯಾಯರ ಮೂಲಕ ನೋಂದಾಯಿಸಿಕೊಳ್ಳಬೇಕು.

ಚೆನ್ನಮ್ಮನ ಕಿತ್ತೂರು: ಚೆನ್ನಮ್ಮನ ಕಿತ್ತೂರು ತಾಲೂಕಿನ ಶಿಕ್ಷಣ ಪ್ರೇಮಿಗಳು ಹಾಗೂ ವಿದ್ಯಾರ್ಥಿಗಳಿಗಾಗಿ ಶ್ರೀ ರಾಜಗುರು ಸಂಸ್ಥಾನ ಕಲ್ಮಠದಲ್ಲಿ ಶರಣರ ವಚನಗಳ ಕಂಠಪಾಠ ಸ್ಪರ್ಧೆಯನ್ನು ಹಮ್ಮಿಕೊಳ್ಳಲಾಗಿದೆ. ವಿದ್ಯಾರ್ಥಿಗಳಲ್ಲಿ ವಚನ ಸಾಹಿತ್ಯದ ಬಗ್ಗೆ ಆಸಕ್ತಿ ಮೂಡಿಸುವ ಉದ್ದೇಶದಿಂದ ಸ್ಪರ್ಧೆ ಆಯೋಜಿಸಲಾಗಿದ್ದು, ಪ್ರಾಥಮಿಕ ಹಾಗೂ ಪ್ರೌಢಶಾಲಾ ವಿಭಾಗಗಳಲ್ಲಿ ಪ್ರತ್ಯೇಕವಾಗಿ ನಡೆಯಲಿದೆ. ವಿಜೇತ ವಿದ್ಯಾರ್ಥಿಗಳಿಗೆ ನಗದು ಬಹುಮಾನ ಮತ್ತು ಪ್ರಮಾಣಪತ್ರ ನೀಡಲಾಗುವುದು ಎಂದು ಸಂಘಟಕರು ಪ್ರಕಟಣೆಯಲ್ಲಿ ತಿಳಿಸಿದ್ದಾರೆ. ಆಸಕ್ತ ವಿದ್ಯಾರ್ಥಿಗಳು ತಮ್ಮ ಹೆಸರನ್ನು ಶಾಲೆಯ ಮುಖ್ಯೋಪಾಧ್ಯಾಯರ ಮೂಲಕ ನೋಂದಾಯಿಸಿಕೊಳ್ಳಬೇಕು.

ರಾಣಿ ಚೆನ್ನಮ್ಮ ಮೈದಾನದ ಗಣಪತಿಗೆ ವಿದಾಯ

ಹುಬ್ಬಳ್ಳಿ: ಹುಬ್ಬಳ್ಳಿಯ ಪ್ರತಿಷ್ಠಿತ ರಾಣಿಚೆನ್ನಮ್ಮ ಮೈದಾನದಲ್ಲಿ ಪ್ರತಿಷ್ಠಾಪನೆಗೊಂಡಿದ್ದ ಗಣಪತಿ ಮೂರ್ತಿಗೆ ದಿನವಾದ ಶುಕ್ರವಾರ ಅದ್ದೂರಿ ವಿದಾಯ ಹೇಳಲಾಯಿತು. ಸಾವಿರಾರು ಭಕ್ತರು ಮೆರವಣಿಗೆಯಲ್ಲಿ ಪಾಲ್ಗೊಂಡು ಗಣಪತಿ ಬಪ್ಪಾ ಮೋರಯಾ ಘೋಷಣೆ ಕೂಗಿದರು. ಡೊಳ್ಳು, ಬ್ಯಾಂಡ್ ಹಾಗೂ ವಿವಿಧ ಕಲಾ ತಂಡಗಳು ಮೆರವಣಿಗೆಗೆ ಮೆರುಗು ನೀಡಿದವು.

ಶ್ರೀರಾಮ, ಶಿವಾಜಿ ಮಹಾರಾಜ, ರಾಣಿ ಚೆನ್ನಮ್ಮ ಹಾಗೂ ವಿವಿಧ ಮಹನೀಯರ ಸ್ತಬ್ಧಚಿತ್ರಗಳು ಗಮನ ಸೆಳೆದವು. ಪೊಲೀಸ್ ಇಲಾಖೆ ಬಿಗಿ ಬಂದೋಬಸ್ತ್ ಕಲ್ಪಿಸಿತ್ತು. ಭಕ್ತರು ಮೆರವಣಿಗೆ ಸಾಗಿದ ಮಾರ್ಗದುದ್ದಕ್ಕೂ ಸಂಭ್ರಮದಿಂದ ಪಾಲ್ಗೊಂಡರು.

ಶ್ರೀರಾಮ, ಶಿವಾಜಿ ಮಹಾರಾಜ, ರಾಣಿ ಚೆನ್ನಮ್ಮ ಹಾಗೂ ವಿವಿಧ ಮಹನೀಯರ ಸ್ತಬ್ಧಚಿತ್ರಗಳು ಗಮನ ಸೆಳೆದವು. ಪೊಲೀಸ್ ಇಲಾಖೆ ಬಿಗಿ ಬಂದೋಬಸ್ತ್ ಕಲ್ಪಿಸಿತ್ತು. ಭಕ್ತರು ಮೆರವಣಿಗೆ ಸಾಗಿದ ಮಾರ್ಗದುದ್ದಕ್ಕೂ ಸಂಭ್ರಮದಿಂದ ಪಾಲ್ಗೊಂಡರು.

ಹುಬ್ಬಳ್ಳಿ: ಹುಬ್ಬಳ್ಳಿಯ ಪ್ರತಿಷ್ಠಿತ ರಾಣಿಚೆನ್ನಮ್ಮ ಮೈದಾನದಲ್ಲಿ ಪ್ರತಿಷ್ಠಾಪನೆಗೊಂಡಿದ್ದ ಗಣಪತಿ ಮೂರ್ತಿಗೆ ದಿನವಾದ ಶುಕ್ರವಾರ ಅದ್ದೂರಿ ವಿದಾಯ ಹೇಳಲಾಯಿತು. ಸಾವಿರಾರು ಭಕ್ತರು ಮೆರವಣಿಗೆಯಲ್ಲಿ ಪಾಲ್ಗೊಂಡು ಗಣಪತಿ ಬಪ್ಪಾ ಮೋರಯಾ ಘೋಷಣೆ ಕೂಗಿದರು. ಡೊಳ್ಳು, ಬ್ಯಾಂಡ್ ಹಾಗೂ ವಿವಿಧ ಕಲಾ ತಂಡಗಳು ಮೆರವಣಿಗೆಗೆ ಮೆರುಗು ನೀಡಿದವು.
